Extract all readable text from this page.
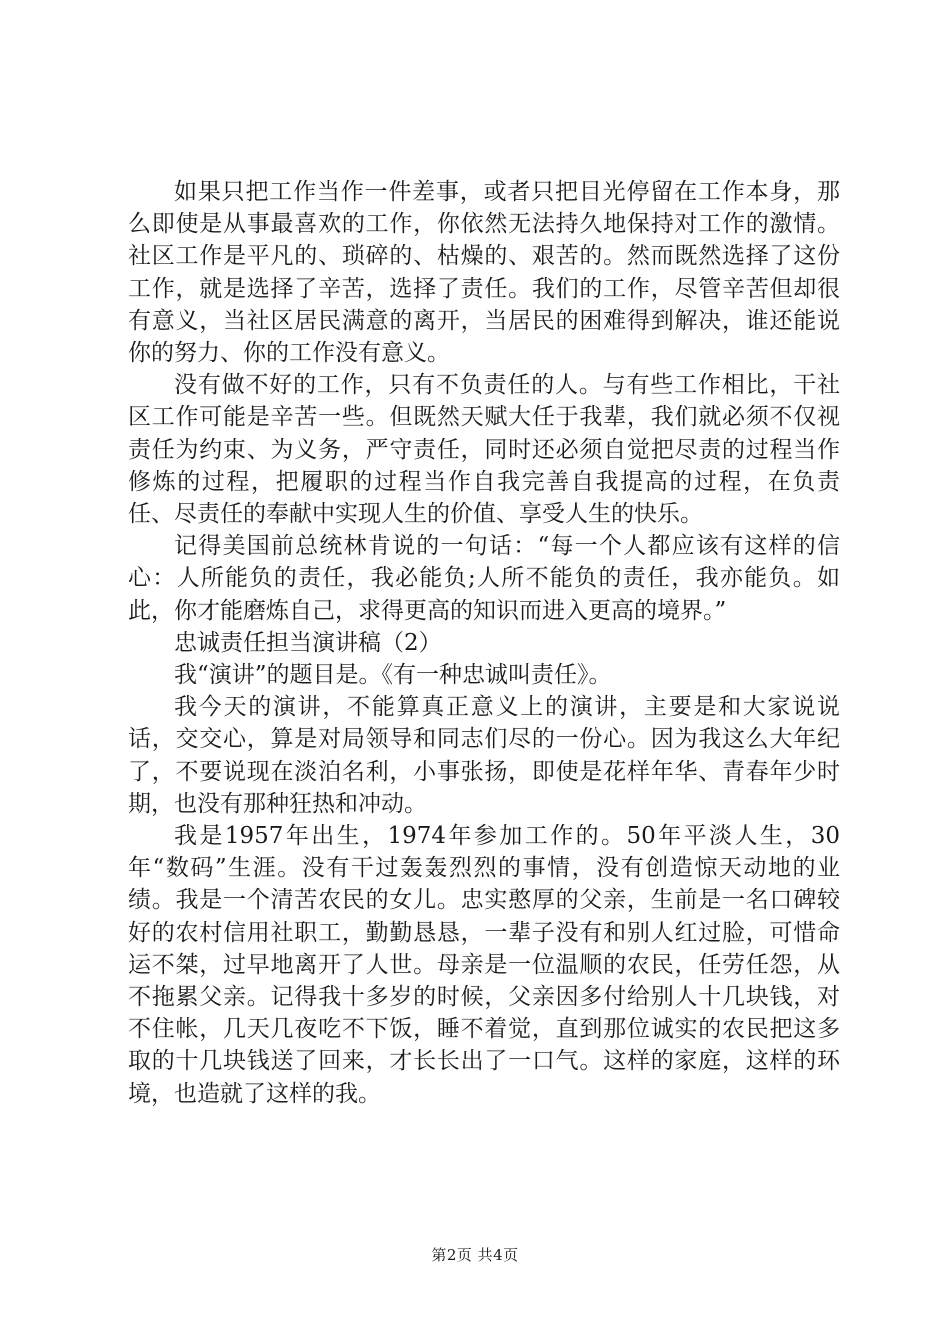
如果只把工作当作一件差事，或者只把目光停留在工作本身，那么即使是从事最喜欢的工作，你依然无法持久地保持对工作的激情。社区工作是平凡的、琐碎的、枯燥的、艰苦的。然而既然选择了这份工作，就是选择了辛苦，选择了责任。我们的工作，尽管辛苦但却很有意义，当社区居民满意的离开，当居民的困难得到解决，谁还能说你的努力、你的工作没有意义。

没有做不好的工作，只有不负责任的人。与有些工作相比，干社区工作可能是辛苦一些。但既然天赋大任于我辈，我们就必须不仅视责任为约束、为义务，严守责任，同时还必须自觉把尽责的过程当作修炼的过程，把履职的过程当作自我完善自我提高的过程，在负责任、尽责任的奉献中实现人生的价值、享受人生的快乐。

记得美国前总统林肯说的一句话：“每一个人都应该有这样的信心：人所能负的责任，我必能负;人所不能负的责任，我亦能负。如此，你才能磨炼自己，求得更高的知识而进入更高的境界。”

忠诚责任担当演讲稿（2）

我“演讲”的题目是。《有一种忠诚叫责任》。

我今天的演讲，不能算真正意义上的演讲，主要是和大家说说话，交交心，算是对局领导和同志们尽的一份心。因为我这么大年纪了，不要说现在淡泊名利，小事张扬，即使是花样年华、青春年少时期，也没有那种狂热和冲动。

我是1957年出生，1974年参加工作的。50年平淡人生，30年“数码”生涯。没有干过轰轰烈烈的事情，没有创造惊天动地的业绩。我是一个清苦农民的女儿。忠实憨厚的父亲，生前是一名口碑较好的农村信用社职工，勤勤恳恳，一辈子没有和别人红过脸，可惜命运不桀，过早地离开了人世。母亲是一位温顺的农民，任劳任怨，从不拖累父亲。记得我十多岁的时候，父亲因多付给别人十几块钱，对不住帐，几天几夜吃不下饭，睡不着觉，直到那位诚实的农民把这多取的十几块钱送了回来，才长长出了一口气。这样的家庭，这样的环境，也造就了这样的我。

第2页 共4页
